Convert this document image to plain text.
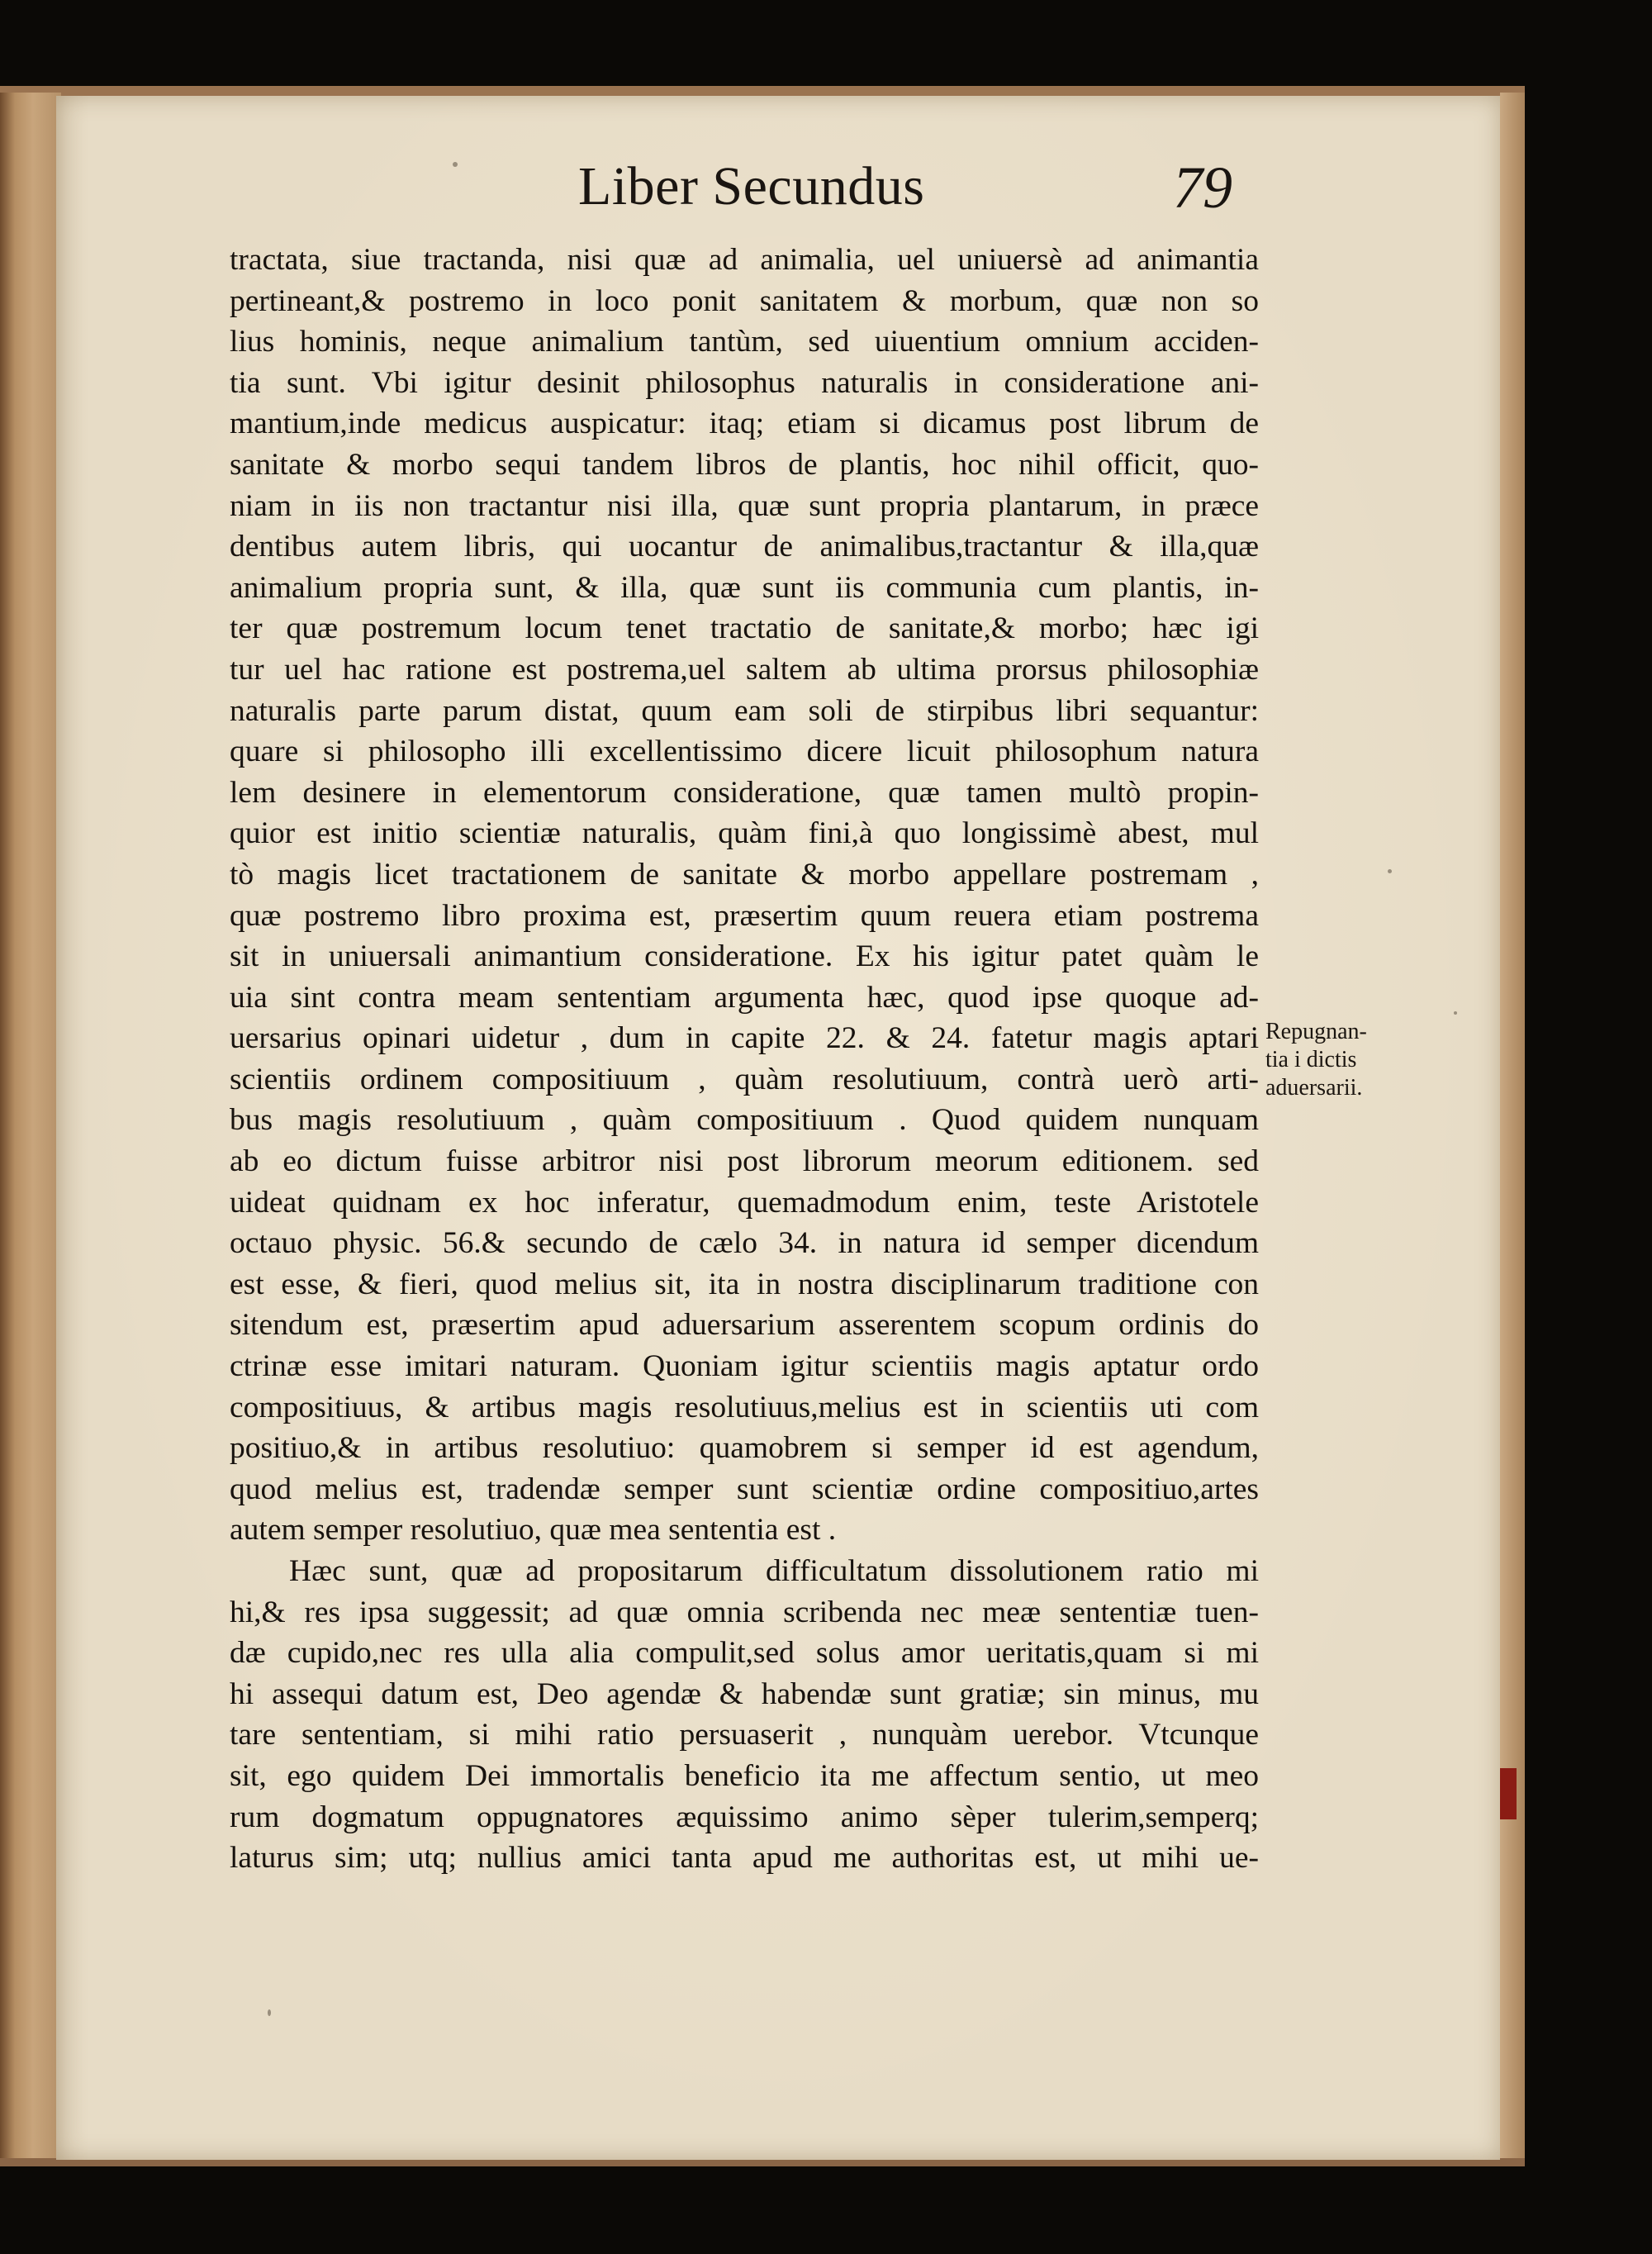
Liber Secundus	79
tractata, siue tractanda, nisi quæ ad animalia, uel uniuersè ad animantia
pertineant,& postremo in loco ponit sanitatem & morbum, quæ non so
lius hominis, neque animalium tantùm, sed uiuentium omnium acciden-
tia sunt. Vbi igitur desinit philosophus naturalis in consideratione ani-
mantium,inde medicus auspicatur: itaq; etiam si dicamus post librum de
sanitate & morbo sequi tandem libros de plantis, hoc nihil officit, quo-
niam in iis non tractantur nisi illa, quæ sunt propria plantarum, in præce
dentibus autem libris, qui uocantur de animalibus,tractantur & illa,quæ
animalium propria sunt, & illa, quæ sunt iis communia cum plantis, in-
ter quæ postremum locum tenet tractatio de sanitate,& morbo; hæc igi
tur uel hac ratione est postrema,uel saltem ab ultima prorsus philosophiæ
naturalis parte parum distat, quum eam soli de stirpibus libri sequantur:
quare si philosopho illi excellentissimo dicere licuit philosophum natura
lem desinere in elementorum consideratione, quæ tamen multò propin-
quior est initio scientiæ naturalis, quàm fini,à quo longissimè abest, mul
tò magis licet tractationem de sanitate & morbo appellare postremam ,
quæ postremo libro proxima est, præsertim quum reuera etiam postrema
sit in uniuersali animantium consideratione. Ex his igitur patet quàm le
uia sint contra meam sententiam argumenta hæc, quod ipse quoque ad-
uersarius opinari uidetur , dum in capite 22. & 24. fatetur magis aptari
scientiis ordinem compositiuum , quàm resolutiuum, contrà uerò arti-
bus magis resolutiuum , quàm compositiuum . Quod quidem nunquam
ab eo dictum fuisse arbitror nisi post librorum meorum editionem. sed
uideat quidnam ex hoc inferatur, quemadmodum enim, teste Aristotele
octauo physic. 56.& secundo de cælo 34. in natura id semper dicendum
est esse, & fieri, quod melius sit, ita in nostra disciplinarum traditione con
sitendum est, præsertim apud aduersarium asserentem scopum ordinis do
ctrinæ esse imitari naturam. Quoniam igitur scientiis magis aptatur ordo
compositiuus, & artibus magis resolutiuus,melius est in scientiis uti com
positiuo,& in artibus resolutiuo: quamobrem si semper id est agendum,
quod melius est, tradendæ semper sunt scientiæ ordine compositiuo,artes
autem semper resolutiuo, quæ mea sententia est .
Hæc sunt, quæ ad propositarum difficultatum dissolutionem ratio mi
hi,& res ipsa suggessit; ad quæ omnia scribenda nec meæ sententiæ tuen-
dæ cupido,nec res ulla alia compulit,sed solus amor ueritatis,quam si mi
hi assequi datum est, Deo agendæ & habendæ sunt gratiæ; sin minus, mu
tare sententiam, si mihi ratio persuaserit , nunquàm uerebor. Vtcunque
sit, ego quidem Dei immortalis beneficio ita me affectum sentio, ut meo
rum dogmatum oppugnatores æquissimo animo sèper tulerim,semperq;
laturus sim; utq; nullius amici tanta apud me authoritas est, ut mihi ue-
Repugnan-
tia i dictis
aduersarii.
